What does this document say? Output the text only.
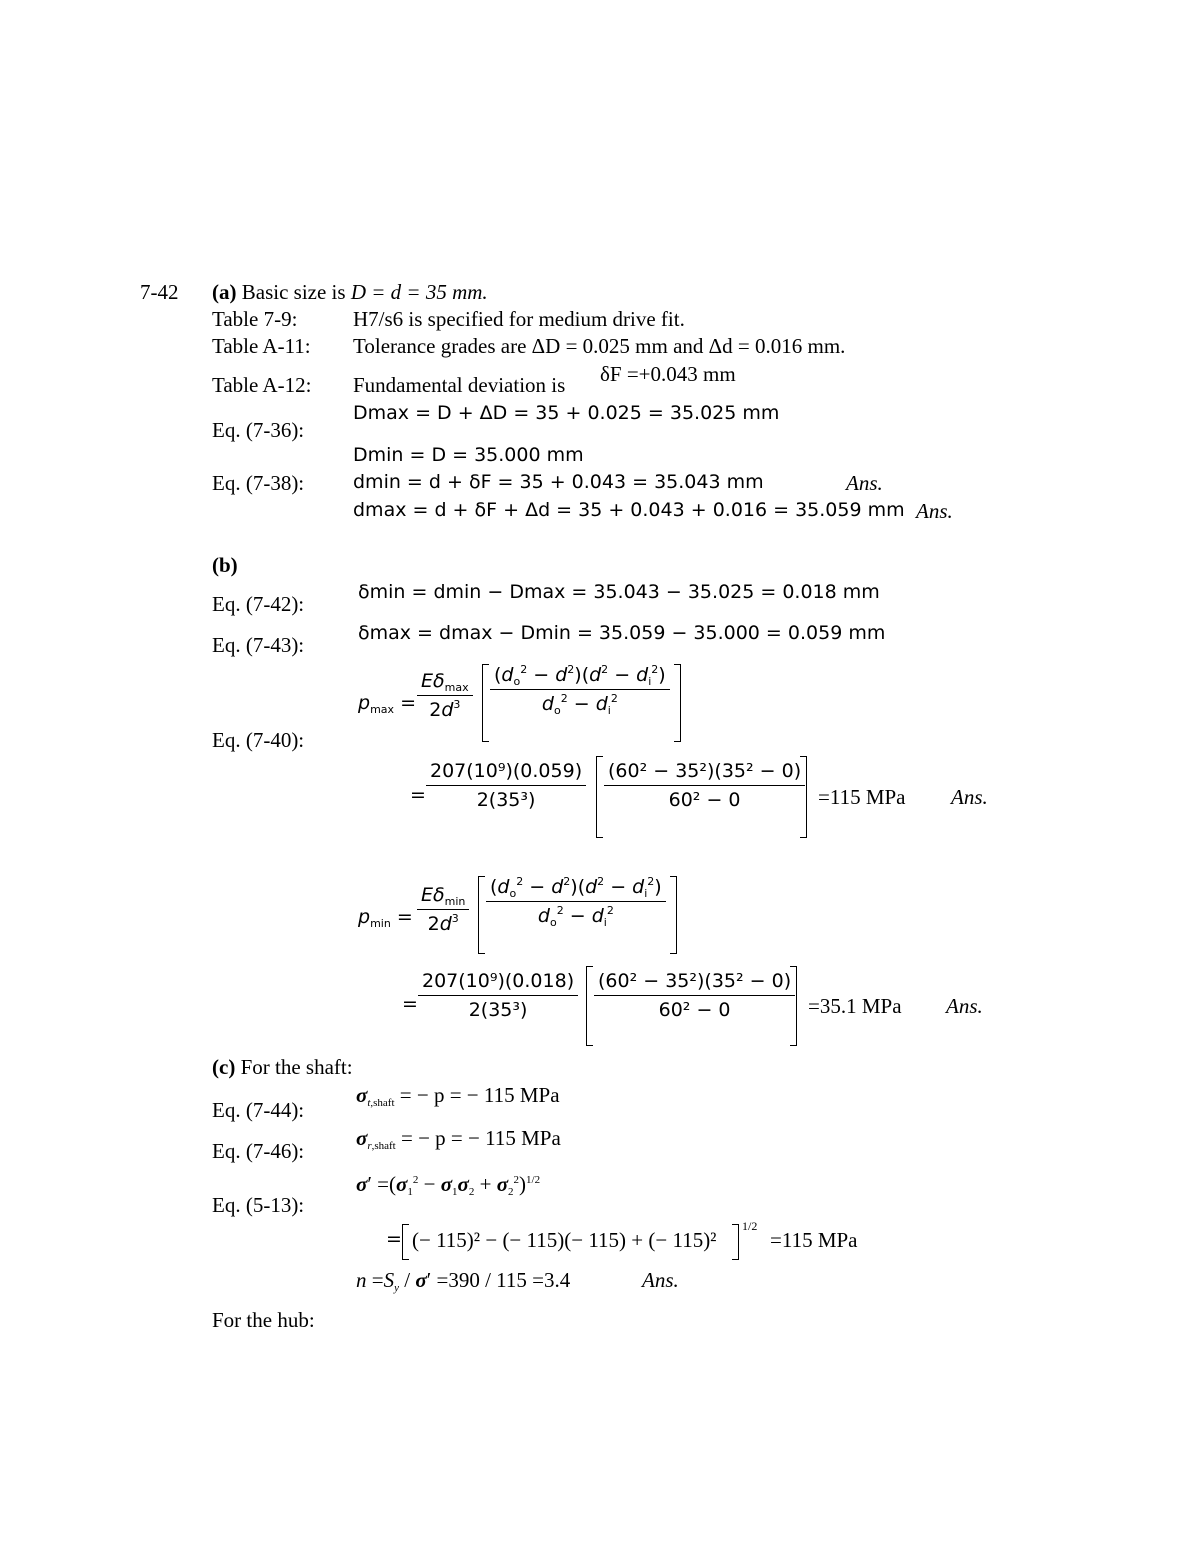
7-42 (a) Basic size is D = d = 35 mm.
Table 7-9:	H7/s6 is specified for medium drive fit.
Table A-11: Tolerance grades are ΔD = 0.025 mm and Δd = 0.016 mm.
Table A-12: Fundamental deviation is δF =+0.043 mm
Eq. (7-36):
Dmax = D + ΔD = 35 + 0.025 = 35.025 mm
Dmin = D = 35.000 mm
Eq. (7-38):	dmin = d + δF = 35 + 0.043 = 35.043 mm	Ans.
dmax = d + δF + Δd = 35 + 0.043 + 0.016 = 35.059 mm Ans.
(b)
Eq. (7-42):	δmin = dmin − Dmax = 35.043 − 35.025 = 0.018 mm
Eq. (7-43):	δmax = dmax − Dmin = 35.059 − 35.000 = 0.059 mm
Eq. (7-40):
$p_{max}$ =
$E\delta_{max}$
$2d^3$
$(d_o^2 - d^2)(d^2 - d_i^2)$
$d_o^2 - d_i^2$
=
207(10⁹)(0.059)
2(35³)
(60² − 35²)(35² − 0)
60² − 0	=115 MPa Ans.
$p_{min}$ =
$E\delta_{min}$
$2d^3$
$(d_o^2 - d^2)(d^2 - d_i^2)$
$d_o^2 - d_i^2$
=
207(10⁹)(0.018)
2(35³)
(60² − 35²)(35² − 0)
60² − 0	=35.1 MPa Ans.
(c) For the shaft:
Eq. (7-44):
$\sigma_{t,shaft}$ = − p = − 115 MPa
Eq. (7-46):
$\sigma_{r,shaft}$ = − p = − 115 MPa
Eq. (5-13):
$\sigma' =(\sigma_1^2 - \sigma_1\sigma_2 + \sigma_2^2)^{1/2}$
= (− 115)² − (− 115)(− 115) + (− 115)²
1/2
=115 MPa
$n =S_y / \sigma' =390 / 115 =3.4$	Ans.
For the hub:
